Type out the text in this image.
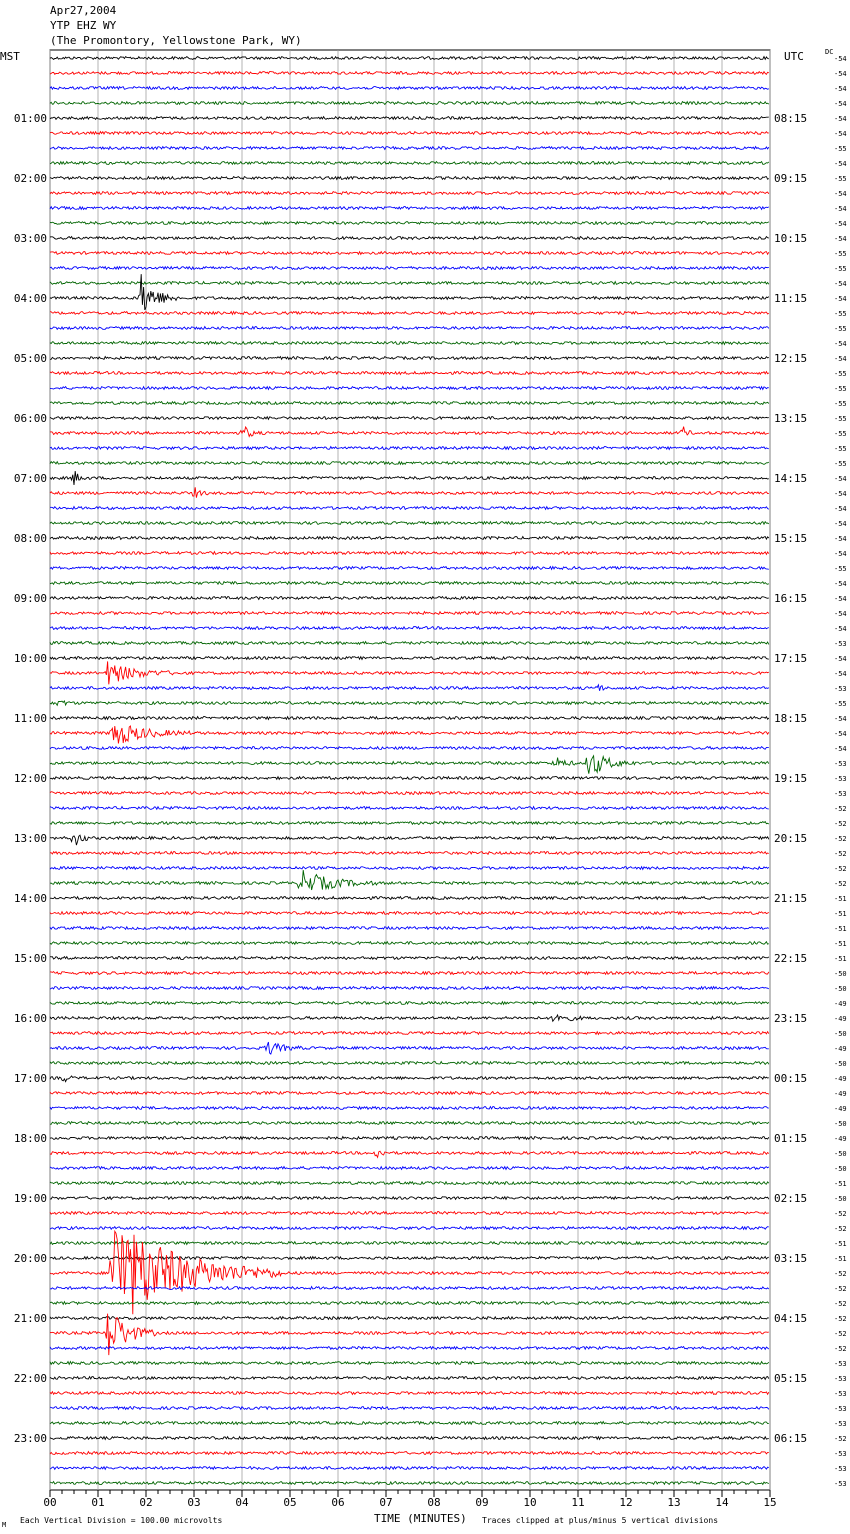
Apr27,2004
YTP EHZ WY
(The Promontory, Yellowstone Park, WY)
MST	UTC	DC
00	01	02	03	04	05	06	07	08	09	10	11	12	13	14	15
-54
-54
-54
-54
-54
-54
-55
-54
-55
-54
-54
-54
-54
-55
-55
-54
-54
-55
-55
-54
-54
-55
-55
-55
-55
-55
-55
-55
-54
-54
-54
-54
-54
-54
-55
-54
-54
-54
-54
-53
-54
-54
-53
-55
-54
-54
-54
-53
-53
-53
-52
-52
-52
-52
-52
-52
-51
-51
-51
-51
-51
-50
-50
-49
-49
-50
-49
-50
-49
-49
-49
-50
-49
-50
-50
-51
-50
-52
-52
-51
-51
-52
-52
-52
-52
-52
-52
-53
-53
-53
-53
-53
-52
-53
-53
-53
01:00
02:00
03:00
04:00
05:00
06:00
07:00
08:00
09:00
10:00
11:00
12:00
13:00
14:00
15:00
16:00
17:00
18:00
19:00
20:00
21:00
22:00
23:00
08:15
09:15
10:15
11:15
12:15
13:15
14:15
15:15
16:15
17:15
18:15
19:15
20:15
21:15
22:15
23:15
00:15
01:15
02:15
03:15
04:15
05:15
06:15
Each Vertical Division = 100.00 microvolts	TIME (MINUTES) Traces clipped at plus/minus 5 vertical divisions
M
